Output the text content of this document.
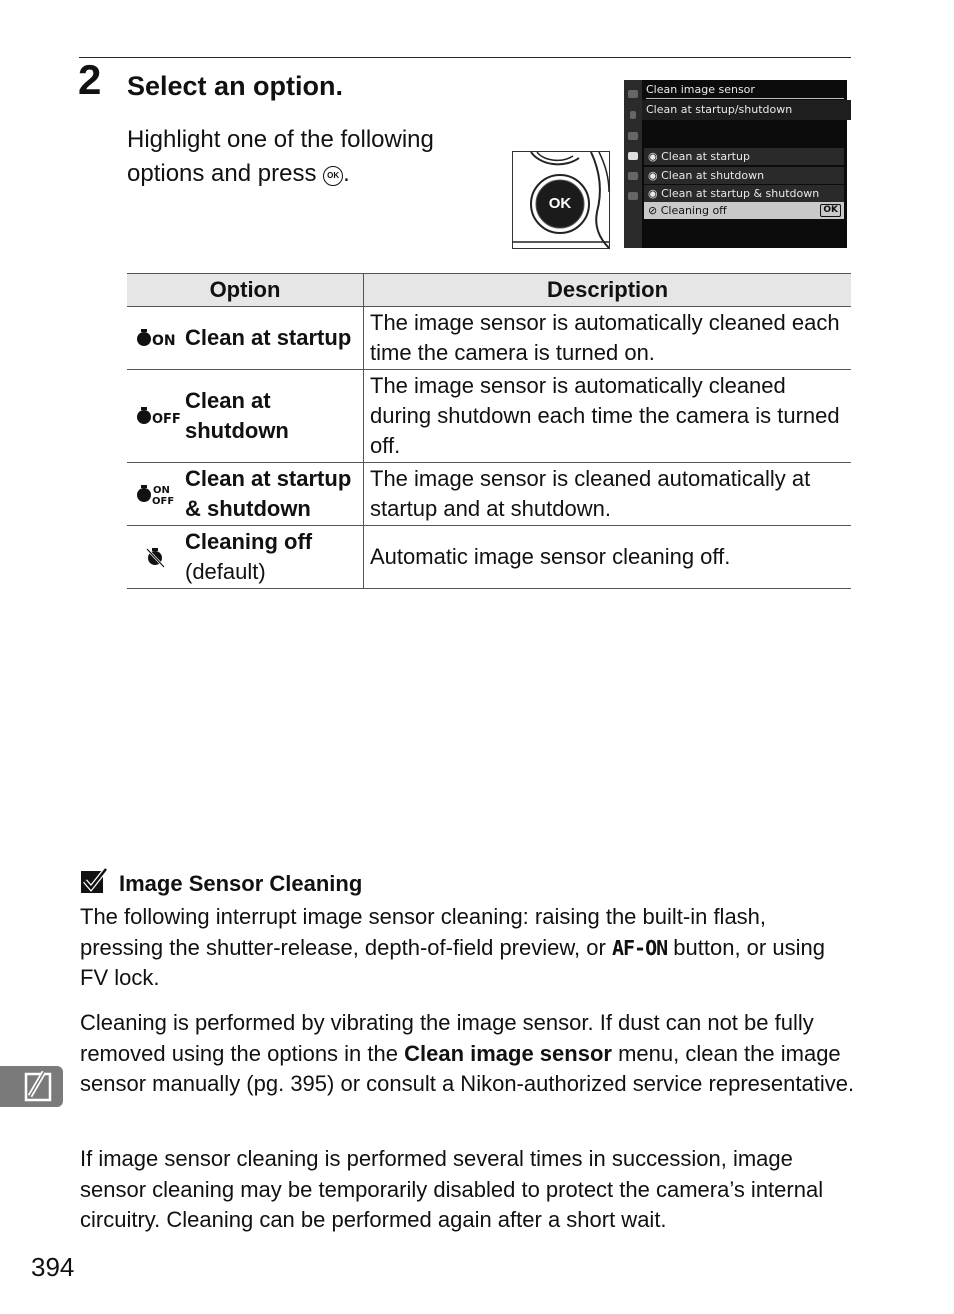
2 Select an option.
Highlight one of the following options and press OK .
OK
Clean image sensor
Clean at startup/shutdown
◉ Clean at startup
◉ Clean at shutdown
◉ Clean at startup & shutdown
⊘ Cleaning off	OK
Option	Description

ON Clean at startup	The image sensor is automatically cleaned each time the camera is turned on.

OFF
Clean at shutdown	The image sensor is automatically cleaned during shutdown each time the camera is turned off.

ON
OFF
Clean at startup & shutdown	The image sensor is cleaned automatically at startup and at shutdown.

Cleaning off
(default)	Automatic image sensor cleaning off.
Image Sensor Cleaning
The following interrupt image sensor cleaning: raising the built-in flash, pressing the shutter-release, depth-of-field preview, or AF-ON button, or using FV lock.
Cleaning is performed by vibrating the image sensor. If dust can not be fully removed using the options in the Clean image sensor menu, clean the image sensor manually (pg. 395) or consult a Nikon-authorized service representative.
If image sensor cleaning is performed several times in succession, image sensor cleaning may be temporarily disabled to protect the camera’s internal circuitry. Cleaning can be performed again after a short wait.
394
